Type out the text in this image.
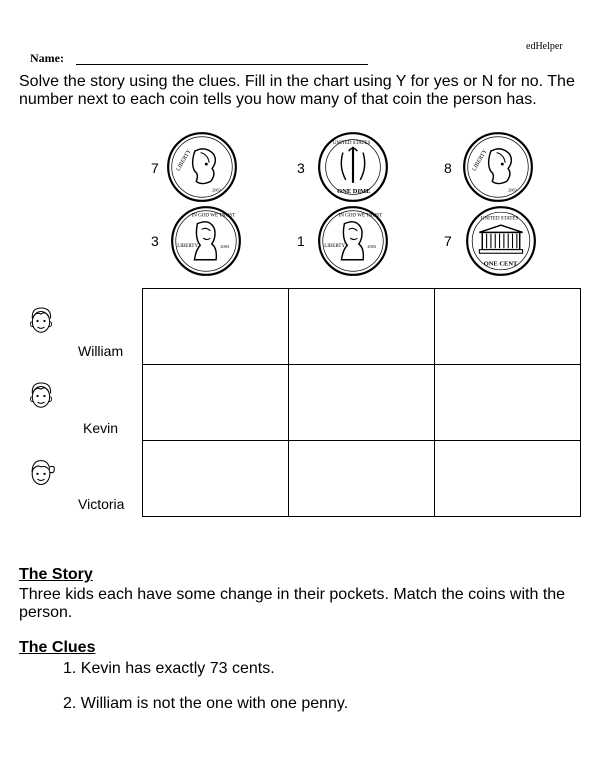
edHelper
Name:
Solve the story using the clues. Fill in the chart using Y for yes or N for no. The number next to each coin tells you how many of that coin the person has.
7	3	8
3	1	7
William
Kevin
Victoria

The Story
Three kids each have some change in their pockets. Match the coins with the person.
The Clues
1. Kevin has exactly 73 cents.
2. William is not the one with one penny.
